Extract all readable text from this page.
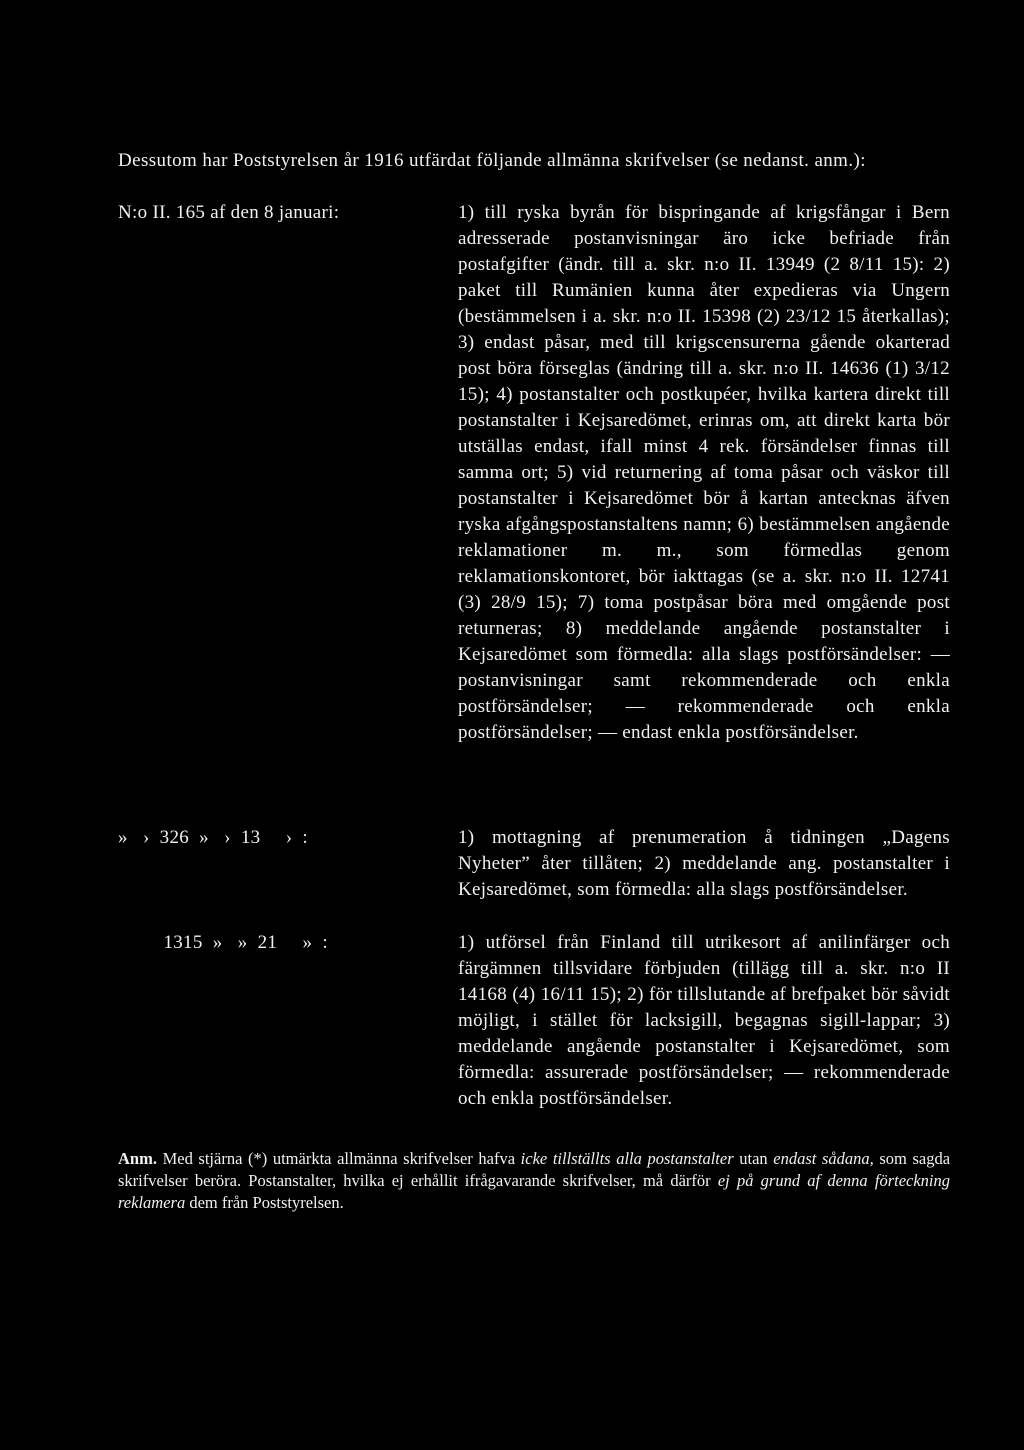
Dessutom har Poststyrelsen år 1916 utfärdat följande allmänna skrifvelser (se nedanst. anm.):
N:o II. 165 af den 8 januari:	1) till ryska byrån för bispringande af krigsfångar i Bern adresserade postanvisningar äro icke befriade från postafgifter (ändr. till a. skr. n:o II. 13949 (2 8/11 15): 2) paket till Rumänien kunna åter expedieras via Ungern (bestämmelsen i a. skr. n:o II. 15398 (2) 23/12 15 återkallas); 3) endast påsar, med till krigscensurerna gående okarterad post böra förseglas (ändring till a. skr. n:o II. 14636 (1) 3/12 15); 4) postanstalter och postkupéer, hvilka kartera direkt till postanstalter i Kejsaredömet, erinras om, att direkt karta bör utställas endast, ifall minst 4 rek. försändelser finnas till samma ort; 5) vid returnering af toma påsar och väskor till postanstalter i Kejsaredömet bör å kartan antecknas äfven ryska afgångspostanstaltens namn; 6) bestämmelsen angående reklamationer m. m., som förmedlas genom reklamationskontoret, bör iakttagas (se a. skr. n:o II. 12741 (3) 28/9 15); 7) toma postpåsar böra med omgående post returneras; 8) meddelande angående postanstalter i Kejsaredömet som förmedla: alla slags postförsändelser: — postanvisningar samt rekommenderade och enkla postförsändelser; — rekommenderade och enkla postförsändelser; — endast enkla postförsändelser.
»   ›  326  »   ›  13     ›  :	1) mottagning af prenumeration å tidningen „Dagens Nyheter” åter tillåten; 2) meddelande ang. postanstalter i Kejsaredömet, som förmedla: alla slags postförsändelser.
1315  »   »  21     »  :	1) utförsel från Finland till utrikesort af anilinfärger och färgämnen tillsvidare förbjuden (tillägg till a. skr. n:o II 14168 (4) 16/11 15); 2) för tillslutande af brefpaket bör såvidt möjligt, i stället för lacksigill, begagnas sigill-lappar; 3) meddelande angående postanstalter i Kejsaredömet, som förmedla: assurerade postförsändelser; — rekommenderade och enkla postförsändelser.
Anm. Med stjärna (*) utmärkta allmänna skrifvelser hafva icke tillställts alla postanstalter utan endast sådana, som sagda skrifvelser beröra. Postanstalter, hvilka ej erhållit ifrågavarande skrifvelser, må därför ej på grund af denna förteckning reklamera dem från Poststyrelsen.
